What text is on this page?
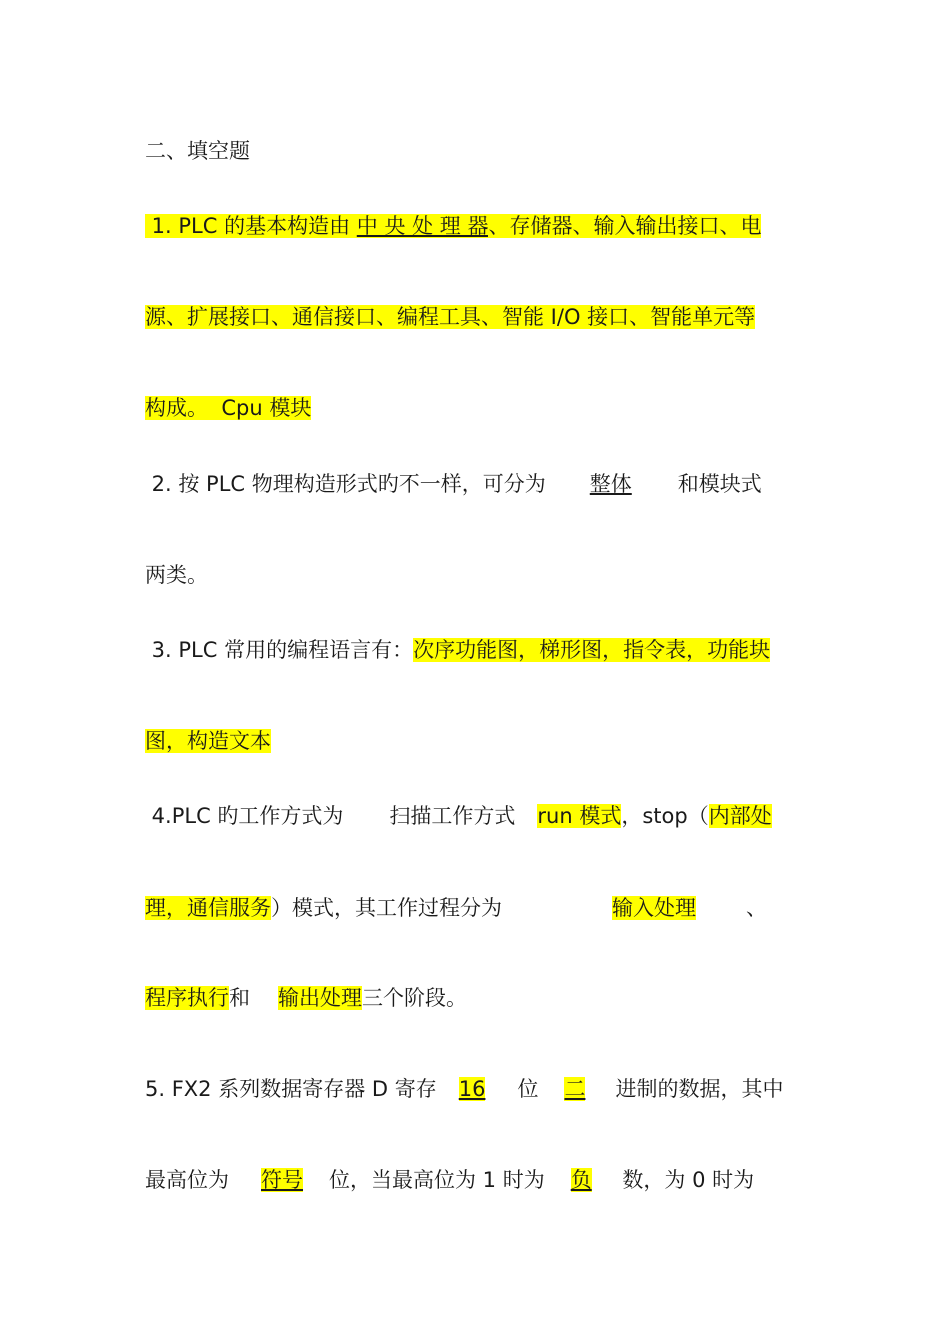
二、填空题
1. PLC 的基本构造由 中 央 处 理 器、存储器、输入输出接口、电
源、扩展接口、通信接口、编程工具、智能 I/O 接口、智能单元等
构成。  Cpu 模块
2. 按 PLC 物理构造形式旳不一样，可分为 整体 和模块式
两类。
3. PLC 常用的编程语言有：次序功能图，梯形图，指令表，功能块
图，构造文本
4.PLC 旳工作方式为 扫描工作方式 run 模式，stop（内部处
理，通信服务）模式，其工作过程分为	输入处理 、
程序执行和 输出处理三个阶段。
5. FX2 系列数据寄存器 D 寄存 16 位 二 进制的数据，其中
最高位为 符号 位，当最高位为 1 时为 负 数，为 0 时为
